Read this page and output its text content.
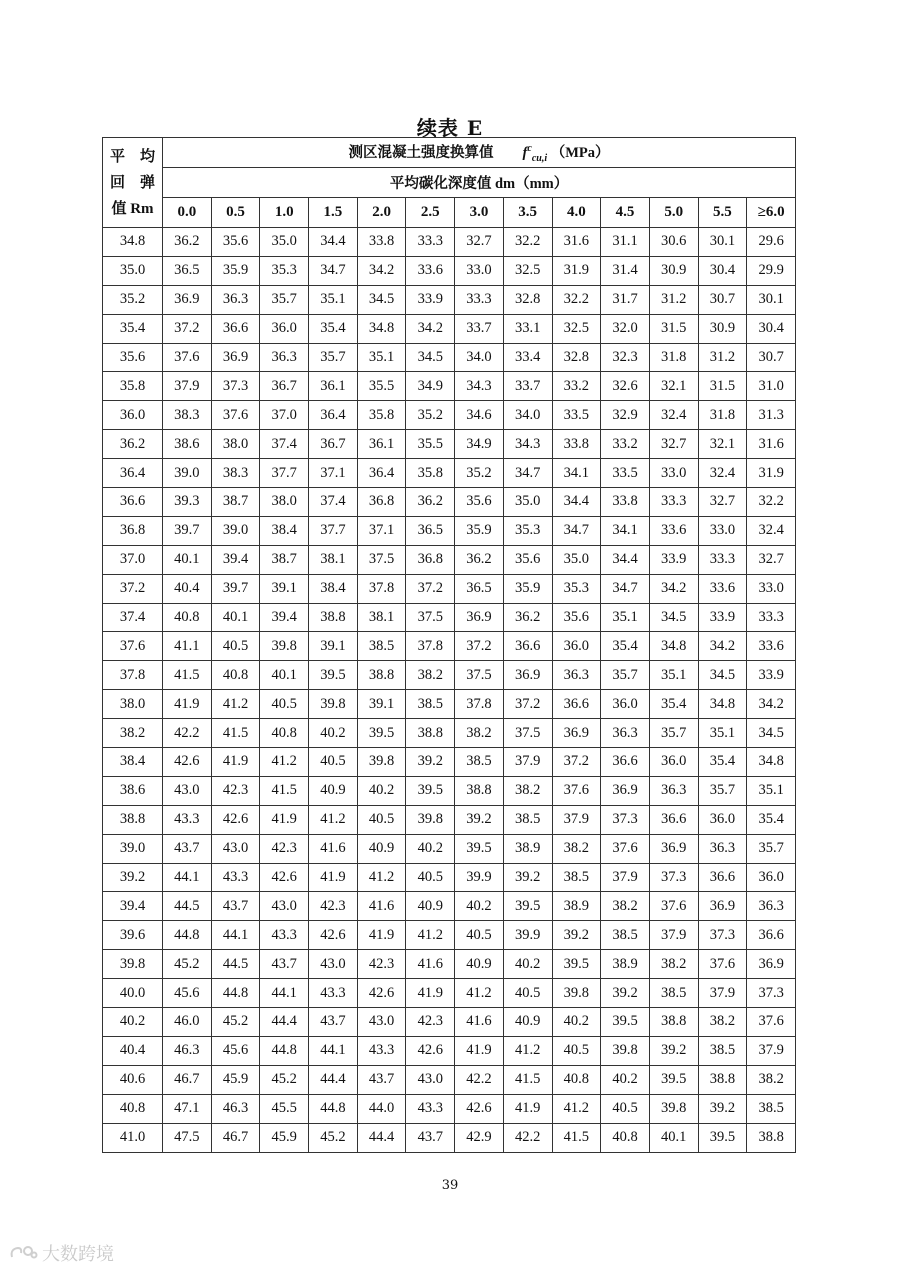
续表 E
平　均
回　弹
值 Rm	测区混凝土强度换算值 $f^c_{cu,i}$ （MPa）												
	平均碳化深度值 dm（mm）												
	0.0	0.5	1.0	1.5	2.0	2.5	3.0	3.5	4.0	4.5	5.0	5.5	≥6.0
34.8	36.2	35.6	35.0	34.4	33.8	33.3	32.7	32.2	31.6	31.1	30.6	30.1	29.6
35.0	36.5	35.9	35.3	34.7	34.2	33.6	33.0	32.5	31.9	31.4	30.9	30.4	29.9
35.2	36.9	36.3	35.7	35.1	34.5	33.9	33.3	32.8	32.2	31.7	31.2	30.7	30.1
35.4	37.2	36.6	36.0	35.4	34.8	34.2	33.7	33.1	32.5	32.0	31.5	30.9	30.4
35.6	37.6	36.9	36.3	35.7	35.1	34.5	34.0	33.4	32.8	32.3	31.8	31.2	30.7
35.8	37.9	37.3	36.7	36.1	35.5	34.9	34.3	33.7	33.2	32.6	32.1	31.5	31.0
36.0	38.3	37.6	37.0	36.4	35.8	35.2	34.6	34.0	33.5	32.9	32.4	31.8	31.3
36.2	38.6	38.0	37.4	36.7	36.1	35.5	34.9	34.3	33.8	33.2	32.7	32.1	31.6
36.4	39.0	38.3	37.7	37.1	36.4	35.8	35.2	34.7	34.1	33.5	33.0	32.4	31.9
36.6	39.3	38.7	38.0	37.4	36.8	36.2	35.6	35.0	34.4	33.8	33.3	32.7	32.2
36.8	39.7	39.0	38.4	37.7	37.1	36.5	35.9	35.3	34.7	34.1	33.6	33.0	32.4
37.0	40.1	39.4	38.7	38.1	37.5	36.8	36.2	35.6	35.0	34.4	33.9	33.3	32.7
37.2	40.4	39.7	39.1	38.4	37.8	37.2	36.5	35.9	35.3	34.7	34.2	33.6	33.0
37.4	40.8	40.1	39.4	38.8	38.1	37.5	36.9	36.2	35.6	35.1	34.5	33.9	33.3
37.6	41.1	40.5	39.8	39.1	38.5	37.8	37.2	36.6	36.0	35.4	34.8	34.2	33.6
37.8	41.5	40.8	40.1	39.5	38.8	38.2	37.5	36.9	36.3	35.7	35.1	34.5	33.9
38.0	41.9	41.2	40.5	39.8	39.1	38.5	37.8	37.2	36.6	36.0	35.4	34.8	34.2
38.2	42.2	41.5	40.8	40.2	39.5	38.8	38.2	37.5	36.9	36.3	35.7	35.1	34.5
38.4	42.6	41.9	41.2	40.5	39.8	39.2	38.5	37.9	37.2	36.6	36.0	35.4	34.8
38.6	43.0	42.3	41.5	40.9	40.2	39.5	38.8	38.2	37.6	36.9	36.3	35.7	35.1
38.8	43.3	42.6	41.9	41.2	40.5	39.8	39.2	38.5	37.9	37.3	36.6	36.0	35.4
39.0	43.7	43.0	42.3	41.6	40.9	40.2	39.5	38.9	38.2	37.6	36.9	36.3	35.7
39.2	44.1	43.3	42.6	41.9	41.2	40.5	39.9	39.2	38.5	37.9	37.3	36.6	36.0
39.4	44.5	43.7	43.0	42.3	41.6	40.9	40.2	39.5	38.9	38.2	37.6	36.9	36.3
39.6	44.8	44.1	43.3	42.6	41.9	41.2	40.5	39.9	39.2	38.5	37.9	37.3	36.6
39.8	45.2	44.5	43.7	43.0	42.3	41.6	40.9	40.2	39.5	38.9	38.2	37.6	36.9
40.0	45.6	44.8	44.1	43.3	42.6	41.9	41.2	40.5	39.8	39.2	38.5	37.9	37.3
40.2	46.0	45.2	44.4	43.7	43.0	42.3	41.6	40.9	40.2	39.5	38.8	38.2	37.6
40.4	46.3	45.6	44.8	44.1	43.3	42.6	41.9	41.2	40.5	39.8	39.2	38.5	37.9
40.6	46.7	45.9	45.2	44.4	43.7	43.0	42.2	41.5	40.8	40.2	39.5	38.8	38.2
40.8	47.1	46.3	45.5	44.8	44.0	43.3	42.6	41.9	41.2	40.5	39.8	39.2	38.5
41.0	47.5	46.7	45.9	45.2	44.4	43.7	42.9	42.2	41.5	40.8	40.1	39.5	38.8
39
大数跨境
